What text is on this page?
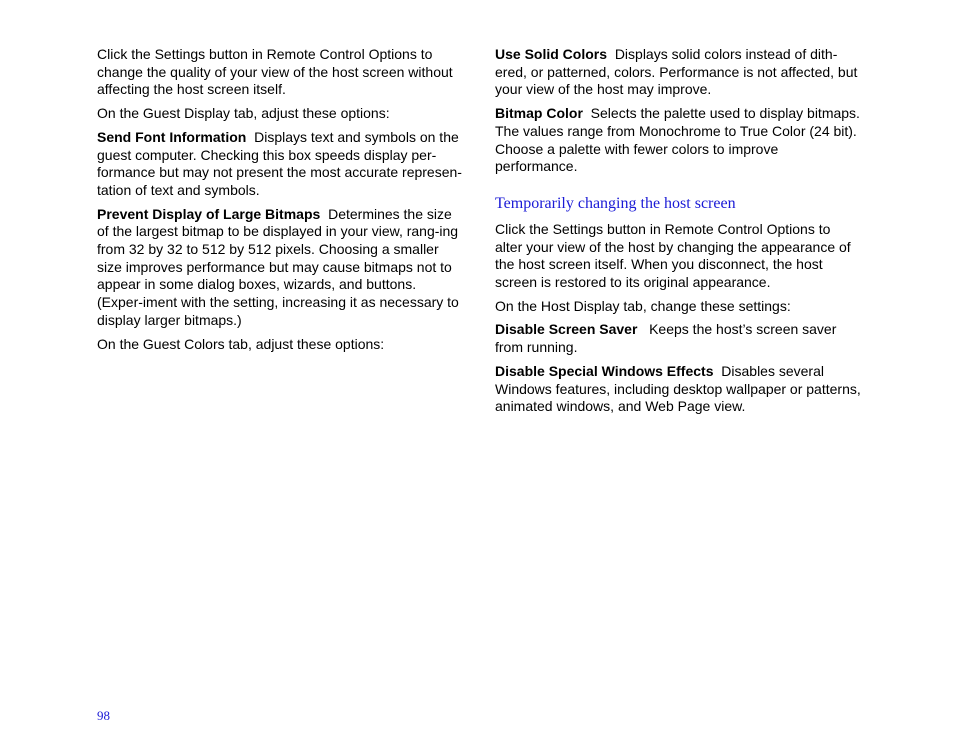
Click the Settings button in Remote Control Options to change the quality of your view of the host screen without affecting the host screen itself.

On the Guest Display tab, adjust these options:

Send Font Information Displays text and symbols on the guest computer. Checking this box speeds display per-formance but may not present the most accurate represen-tation of text and symbols.

Prevent Display of Large Bitmaps Determines the size of the largest bitmap to be displayed in your view, rang-ing from 32 by 32 to 512 by 512 pixels. Choosing a smaller size improves performance but may cause bitmaps not to appear in some dialog boxes, wizards, and buttons. (Exper-iment with the setting, increasing it as necessary to display larger bitmaps.)

On the Guest Colors tab, adjust these options:

Use Solid Colors Displays solid colors instead of dith-ered, or patterned, colors. Performance is not affected, but your view of the host may improve.

Bitmap Color Selects the palette used to display bitmaps. The values range from Monochrome to True Color (24 bit). Choose a palette with fewer colors to improve performance.

Temporarily changing the host screen

Click the Settings button in Remote Control Options to alter your view of the host by changing the appearance of the host screen itself. When you disconnect, the host screen is restored to its original appearance.

On the Host Display tab, change these settings:

Disable Screen Saver Keeps the host’s screen saver from running.

Disable Special Windows Effects Disables several Windows features, including desktop wallpaper or patterns, animated windows, and Web Page view.

98
